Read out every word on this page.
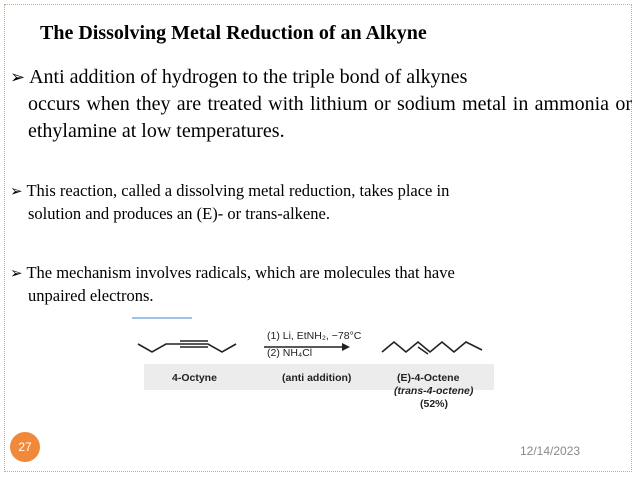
The Dissolving Metal Reduction of an Alkyne
➢ Anti addition of hydrogen to the triple bond of alkynes
occurs when they are treated with lithium or sodium metal in ammonia or ethylamine at low temperatures.
➢ This reaction, called a dissolving metal reduction, takes place in
solution and produces an (E)- or trans-alkene.
➢ The mechanism involves radicals, which are molecules that have
unpaired electrons.
(1) Li, EtNH₂, −78°C
(2) NH₄Cl
4-Octyne	(anti addition)	(E)-4-Octene
(trans-4-octene)
(52%)
27	12/14/2023
